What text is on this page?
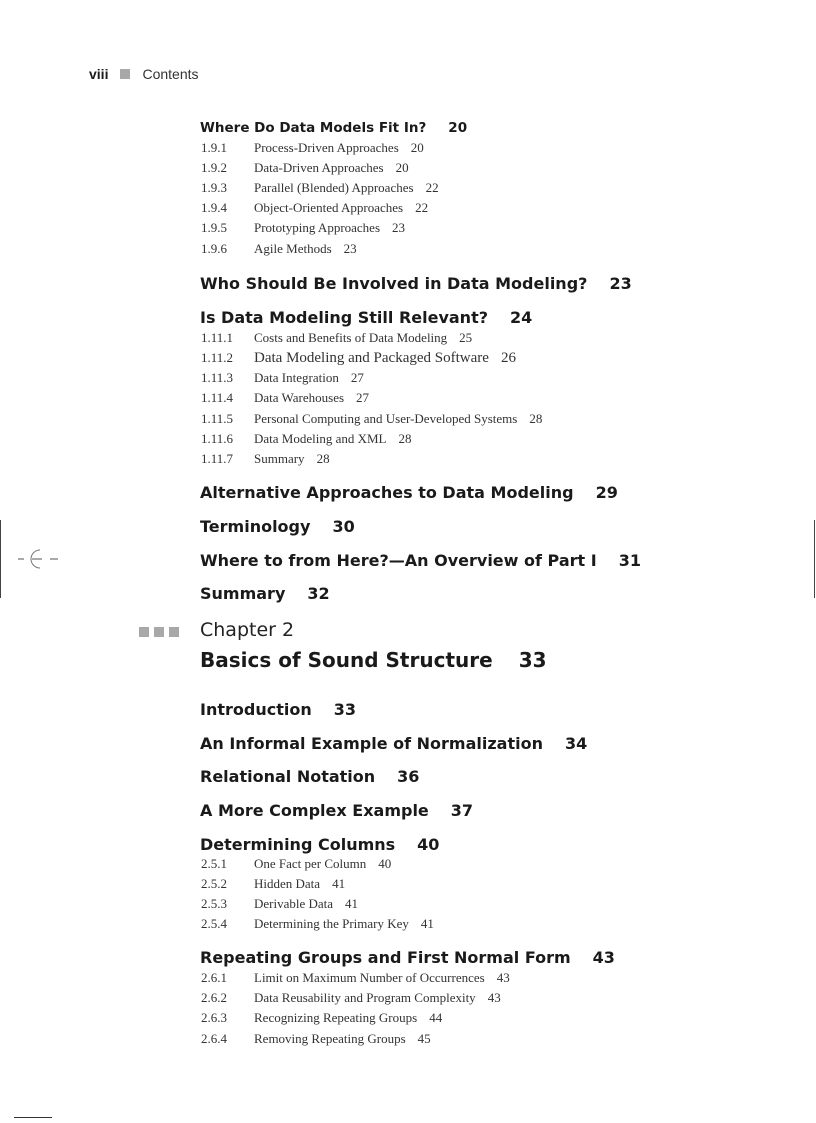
viii Contents
Where Do Data Models Fit In? 20
1.9.1 Process-Driven Approaches 20
1.9.2 Data-Driven Approaches 20
1.9.3 Parallel (Blended) Approaches 22
1.9.4 Object-Oriented Approaches 22
1.9.5 Prototyping Approaches 23
1.9.6 Agile Methods 23
Who Should Be Involved in Data Modeling? 23
Is Data Modeling Still Relevant? 24
1.11.1 Costs and Benefits of Data Modeling 25
1.11.2 Data Modeling and Packaged Software 26
1.11.3 Data Integration 27
1.11.4 Data Warehouses 27
1.11.5 Personal Computing and User-Developed Systems 28
1.11.6 Data Modeling and XML 28
1.11.7 Summary 28
Alternative Approaches to Data Modeling 29
Terminology 30
Where to from Here?—An Overview of Part I 31
Summary 32
Chapter 2
Basics of Sound Structure 33
Introduction 33
An Informal Example of Normalization 34
Relational Notation 36
A More Complex Example 37
Determining Columns 40
2.5.1 One Fact per Column 40
2.5.2 Hidden Data 41
2.5.3 Derivable Data 41
2.5.4 Determining the Primary Key 41
Repeating Groups and First Normal Form 43
2.6.1 Limit on Maximum Number of Occurrences 43
2.6.2 Data Reusability and Program Complexity 43
2.6.3 Recognizing Repeating Groups 44
2.6.4 Removing Repeating Groups 45
